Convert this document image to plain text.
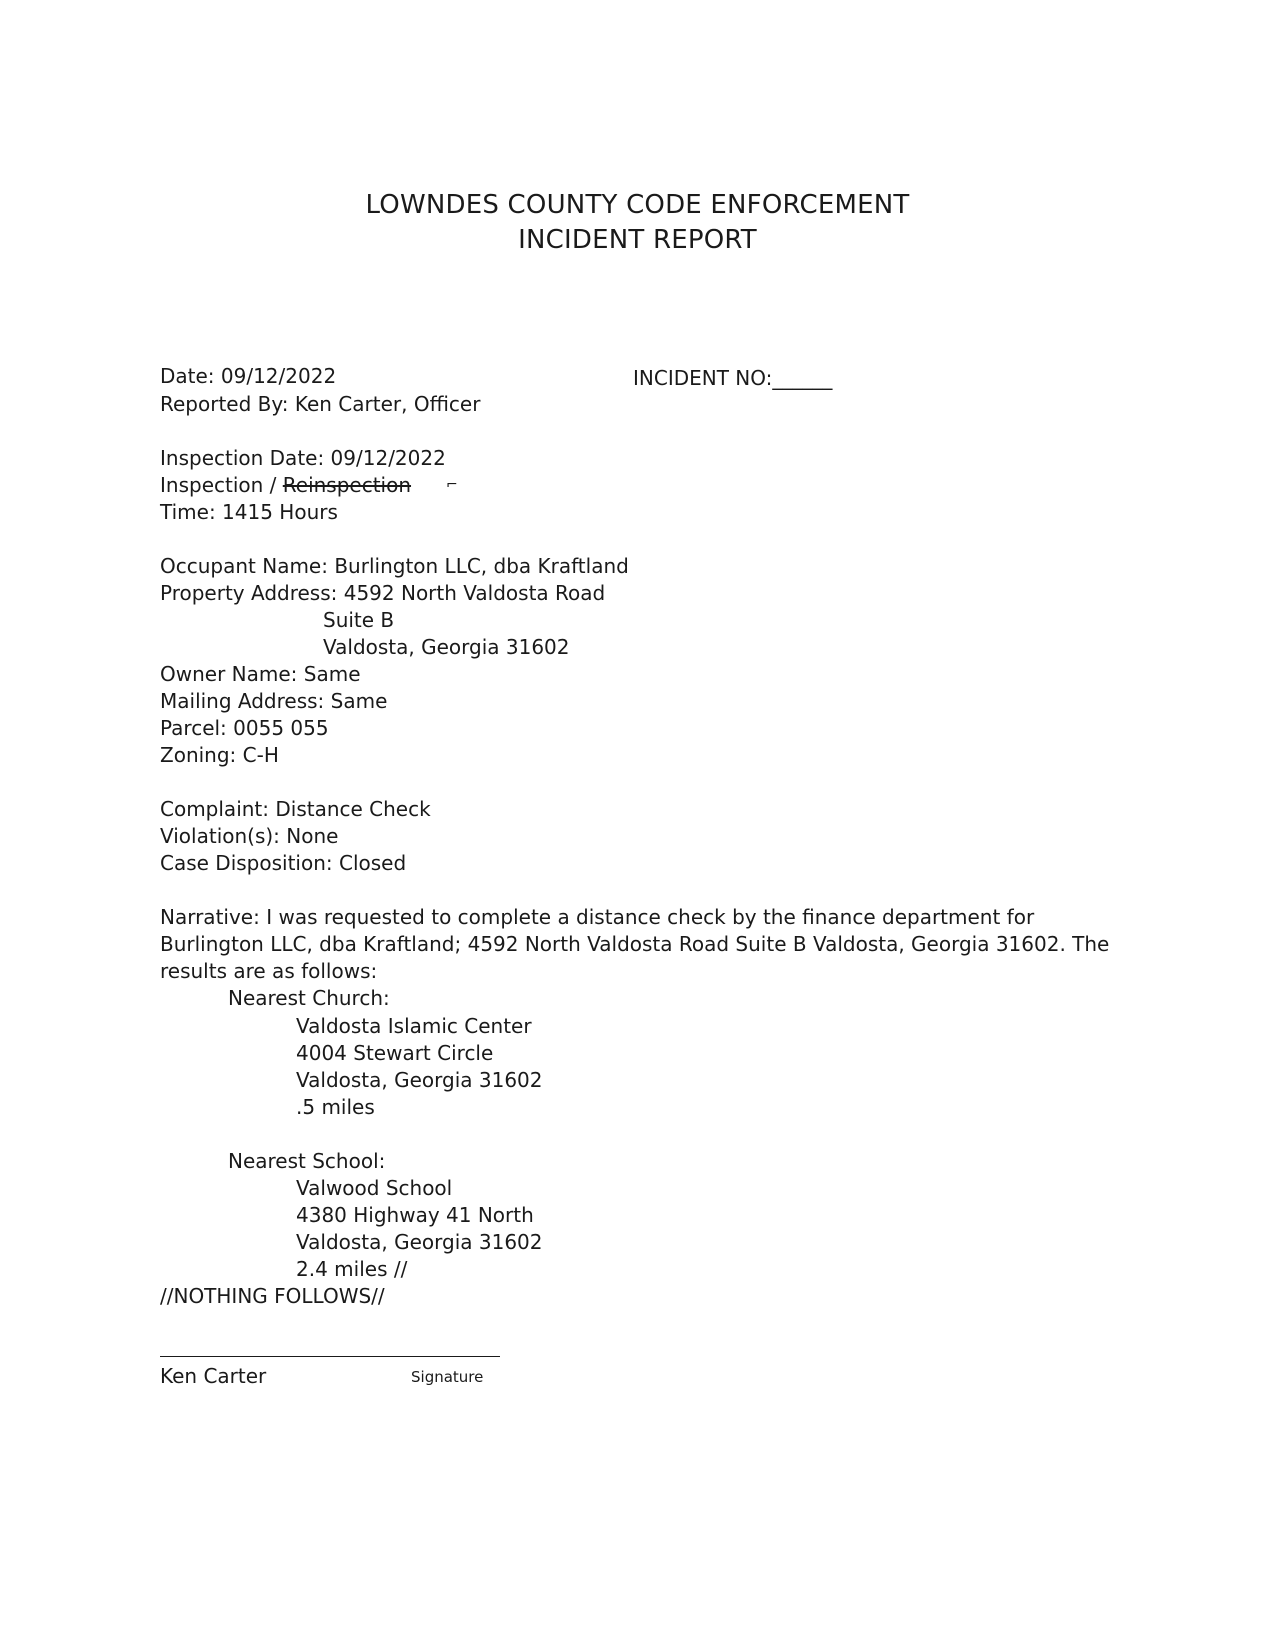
LOWNDES COUNTY CODE ENFORCEMENT
INCIDENT REPORT
Date: 09/12/2022	INCIDENT NO:______
Reported By: Ken Carter, Officer
Inspection Date: 09/12/2022
Inspection / Reinspection ⌐
Time: 1415 Hours
Occupant Name: Burlington LLC, dba Kraftland
Property Address: 4592 North Valdosta Road
Suite B
Valdosta, Georgia 31602
Owner Name: Same
Mailing Address: Same
Parcel: 0055 055
Zoning: C-H
Complaint: Distance Check
Violation(s): None
Case Disposition: Closed
Narrative: I was requested to complete a distance check by the finance department for
Burlington LLC, dba Kraftland; 4592 North Valdosta Road Suite B Valdosta, Georgia 31602. The
results are as follows:
Nearest Church:
Valdosta Islamic Center
4004 Stewart Circle
Valdosta, Georgia 31602
.5 miles
Nearest School:
Valwood School
4380 Highway 41 North
Valdosta, Georgia 31602
2.4 miles //
//NOTHING FOLLOWS//
Ken Carter	Signature
